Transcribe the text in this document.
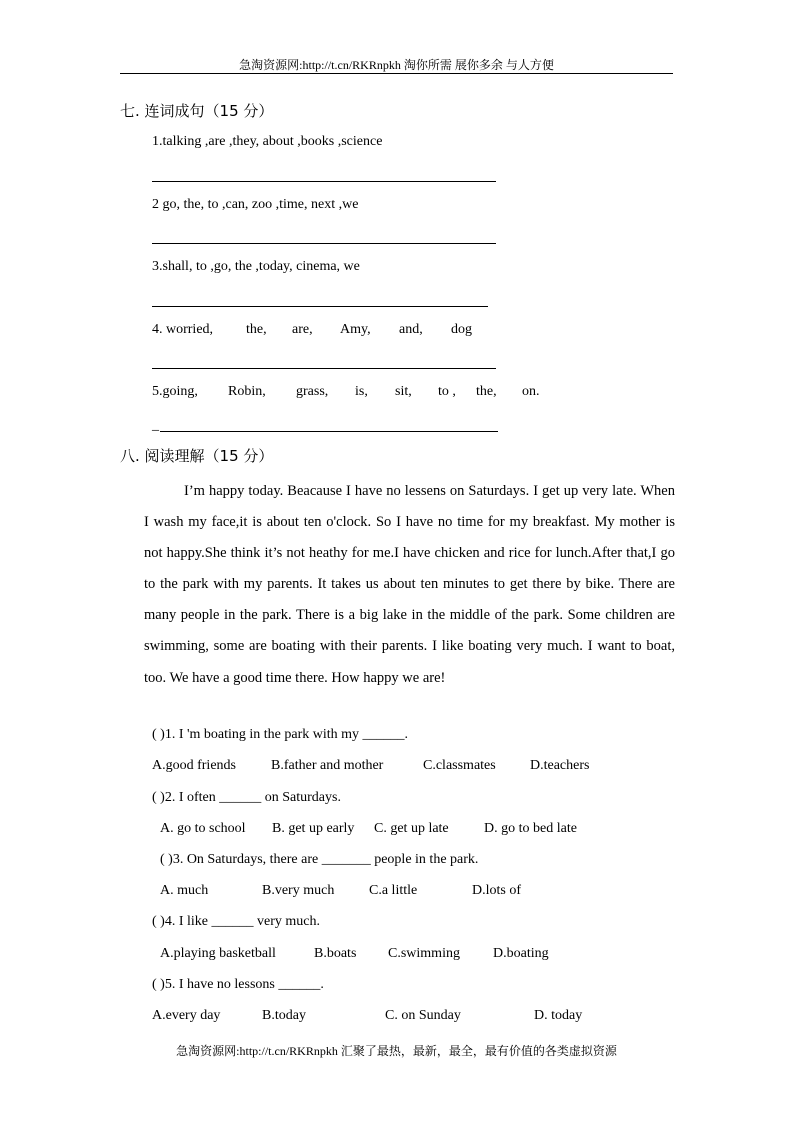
急淘资源网:http://t.cn/RKRnpkh 淘你所需 展你多余 与人方便
七. 连词成句（15 分）
1.talking ,are ,they, about ,books ,science
2 go, the, to ,can, zoo ,time, next ,we
3.shall, to ,go, the ,today, cinema, we
4. worried, the, are, Amy, and, dog
5.going, Robin, grass, is, sit, to , the, on.
_
八. 阅读理解（15 分）

I’m happy today. Beacause I have no lessens on Saturdays. I get up very late. When I wash my face,it is about ten o'clock. So I have no time for my breakfast. My mother is not happy.She think it’s not heathy for me.I have chicken and rice for lunch.After that,I go to the park with my parents. It takes us about ten minutes to get there by bike. There are many people in the park. There is a big lake in the middle of the park. Some children are swimming, some are boating with their parents. I like boating very much. I want to boat, too. We have a good time there. How happy we are!

( )1. I 'm boating in the park with my ______.
A.good friends	B.father and mother	C.classmates D.teachers
( )2. I often ______ on Saturdays.
A. go to school B. get up early C. get up late	D. go to bed late
( )3. On Saturdays, there are _______ people in the park.
A. much	B.very much C.a little	D.lots of
( )4. I like ______ very much.
A.playing basketball	B.boats C.swimming D.boating
( )5. I have no lessons ______.
A.every day	B.today	C. on Sunday	D. today
急淘资源网:http://t.cn/RKRnpkh 汇聚了最热，最新，最全，最有价值的各类虚拟资源
